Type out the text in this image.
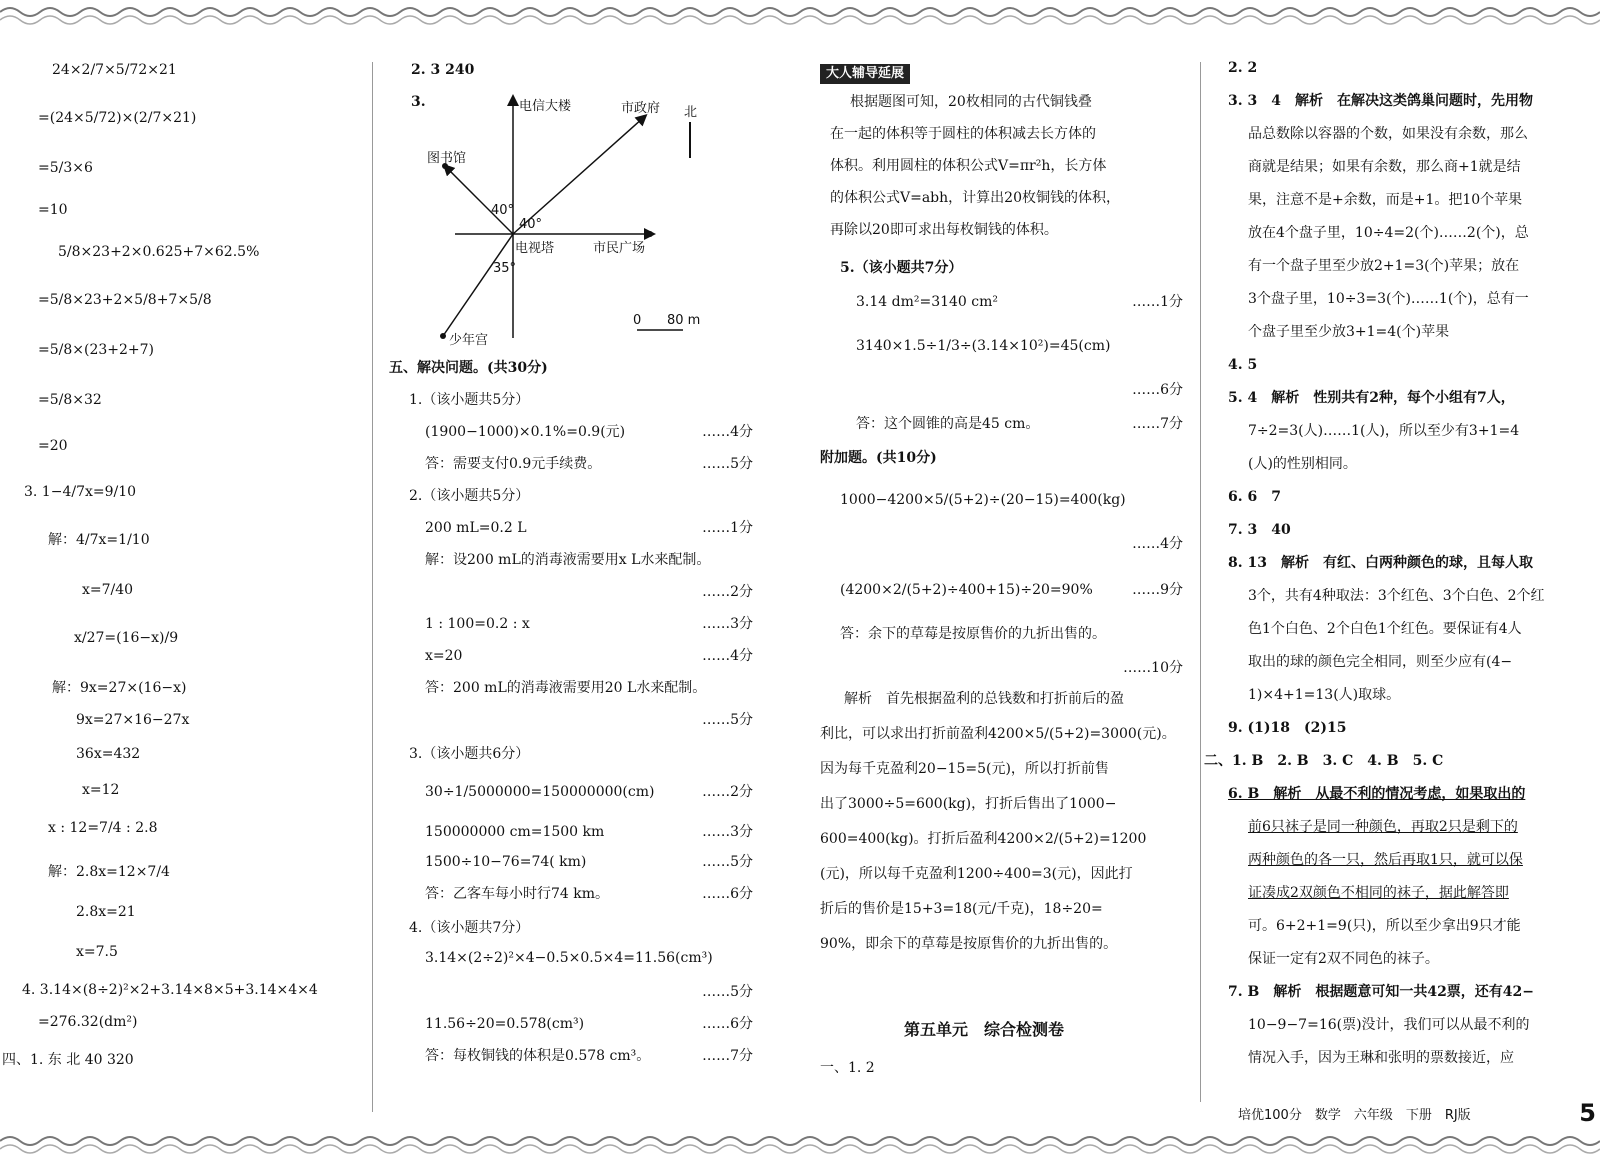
24×2/7×5/72×21
=(24×5/72)×(2/7×21)
=5/3×6
=10
5/8×23+2×0.625+7×62.5%
=5/8×23+2×5/8+7×5/8
=5/8×(23+2+7)
=5/8×32
=20
3. 1−4/7x=9/10
解：4/7x=1/10
x=7/40
x/27=(16−x)/9
解：9x=27×(16−x)
9x=27×16−27x
36x=432
x=12
x : 12=7/4 : 2.8
解：2.8x=12×7/4
2.8x=21
x=7.5
4. 3.14×(8÷2)²×2+3.14×8×5+3.14×4×4
=276.32(dm²)
四、1. 东 北 40 320
2. 3 240
3.
北
电信大楼
图书馆
市政府
电视塔	市民广场
少年宫
40°
40°
35°
0 80 m
五、解决问题。(共30分)
1.（该小题共5分）
(1900−1000)×0.1%=0.9(元)	……4分
答：需要支付0.9元手续费。	……5分
2.（该小题共5分）
200 mL=0.2 L	……1分
解：设200 mL的消毒液需要用x L水来配制。
……2分
1 : 100=0.2 : x	……3分
x=20	……4分
答：200 mL的消毒液需要用20 L水来配制。
……5分
3.（该小题共6分）
30÷1/5000000=150000000(cm)	……2分
150000000 cm=1500 km	……3分
1500÷10−76=74( km)	……5分
答：乙客车每小时行74 km。	……6分
4.（该小题共7分）
3.14×(2÷2)²×4−0.5×0.5×4=11.56(cm³)
……5分
11.56÷20=0.578(cm³)	……6分
答：每枚铜钱的体积是0.578 cm³。	……7分
大人辅导延展
根据题图可知，20枚相同的古代铜钱叠
在一起的体积等于圆柱的体积减去长方体的
体积。利用圆柱的体积公式V=πr²h，长方体
的体积公式V=abh，计算出20枚铜钱的体积，
再除以20即可求出每枚铜钱的体积。
5.（该小题共7分）
3.14 dm²=3140 cm²	……1分
3140×1.5÷1/3÷(3.14×10²)=45(cm)
……6分
答：这个圆锥的高是45 cm。	……7分
附加题。(共10分)
1000−4200×5/(5+2)÷(20−15)=400(kg)
……4分
(4200×2/(5+2)÷400+15)÷20=90%	……9分
答：余下的草莓是按原售价的九折出售的。
……10分
解析　首先根据盈利的总钱数和打折前后的盈
利比，可以求出打折前盈利4200×5/(5+2)=3000(元)。
因为每千克盈利20−15=5(元)，所以打折前售
出了3000÷5=600(kg)，打折后售出了1000−
600=400(kg)。打折后盈利4200×2/(5+2)=1200
(元)，所以每千克盈利1200÷400=3(元)，因此打
折后的售价是15+3=18(元/千克)，18÷20=
90%，即余下的草莓是按原售价的九折出售的。
第五单元　综合检测卷
一、1. 2
2. 2
3. 3　4　解析　在解决这类鸽巢问题时，先用物
品总数除以容器的个数，如果没有余数，那么
商就是结果；如果有余数，那么商+1就是结
果，注意不是+余数，而是+1。把10个苹果
放在4个盘子里，10÷4=2(个)……2(个)，总
有一个盘子里至少放2+1=3(个)苹果；放在
3个盘子里，10÷3=3(个)……1(个)，总有一
个盘子里至少放3+1=4(个)苹果
4. 5
5. 4　解析　性别共有2种，每个小组有7人，
7÷2=3(人)……1(人)，所以至少有3+1=4
(人)的性别相同。
6. 6　7
7. 3　40
8. 13　解析　有红、白两种颜色的球，且每人取
3个，共有4种取法：3个红色、3个白色、2个红
色1个白色、2个白色1个红色。要保证有4人
取出的球的颜色完全相同，则至少应有(4−
1)×4+1=13(人)取球。
9. (1)18　(2)15
二、1. B　2. B　3. C　4. B　5. C
6. B　解析　从最不利的情况考虑，如果取出的
前6只袜子是同一种颜色，再取2只是剩下的
两种颜色的各一只，然后再取1只，就可以保
证凑成2双颜色不相同的袜子，据此解答即
可。6+2+1=9(只)，所以至少拿出9只才能
保证一定有2双不同色的袜子。
7. B　解析　根据题意可知一共42票，还有42−
10−9−7=16(票)没计，我们可以从最不利的
情况入手，因为王琳和张明的票数接近，应
培优100分　数学　六年级　下册　RJ版	5
